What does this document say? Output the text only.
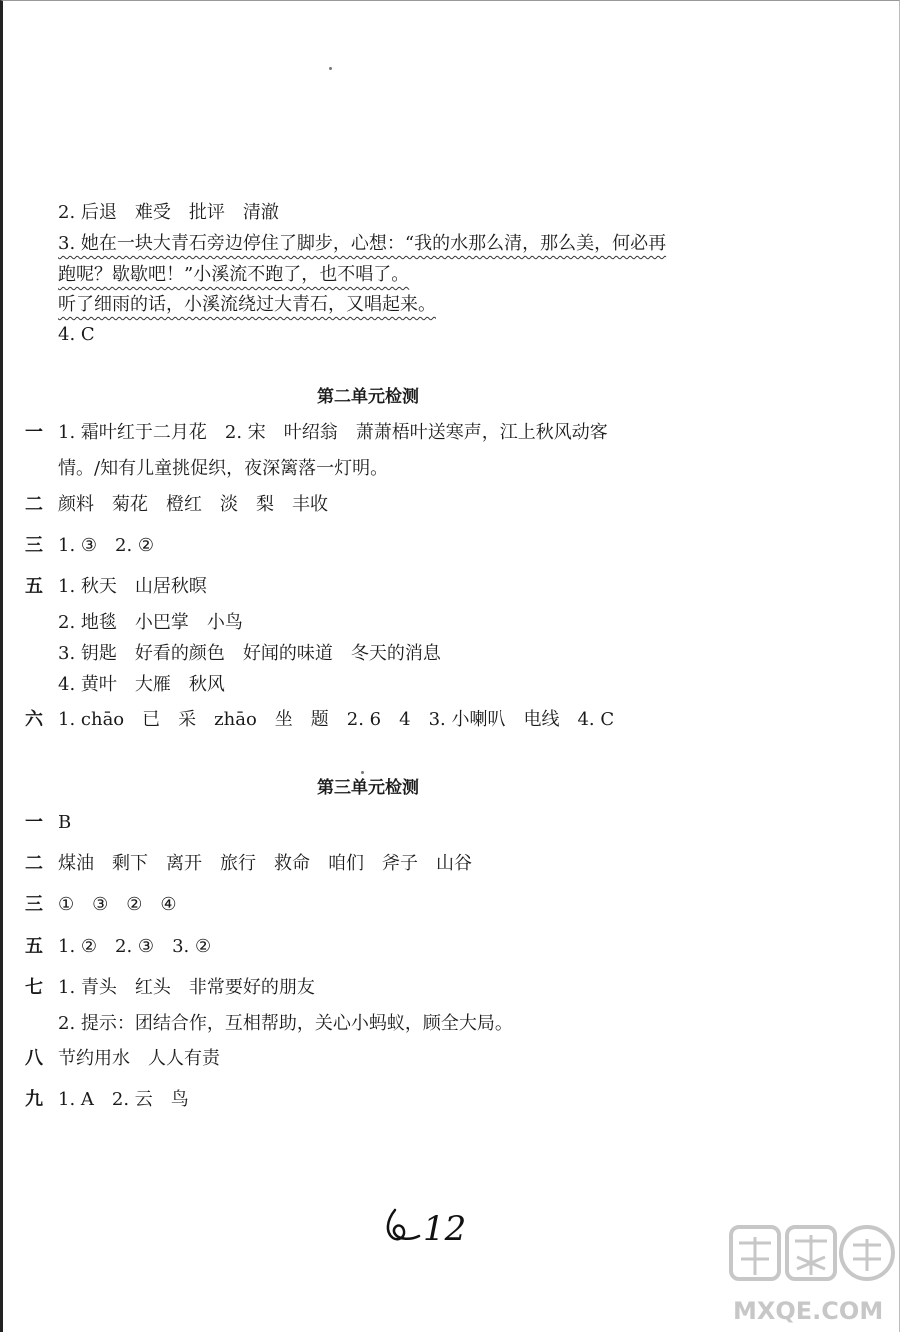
2. 后退　难受　批评　清澈
3. 她在一块大青石旁边停住了脚步，心想：“我的水那么清，那么美，何必再
跑呢？歇歇吧！”小溪流不跑了，也不唱了。
听了细雨的话，小溪流绕过大青石，又唱起来。
4. C
第二单元检测
一 1. 霜叶红于二月花　2. 宋　叶绍翁　萧萧梧叶送寒声，江上秋风动客
情。/知有儿童挑促织，夜深篱落一灯明。
二 颜料　菊花　橙红　淡　梨　丰收
三 1. ③　2. ②
五 1. 秋天　山居秋暝
2. 地毯　小巴掌　小鸟
3. 钥匙　好看的颜色　好闻的味道　冬天的消息
4. 黄叶　大雁　秋风
六 1. chāo　已　采　zhāo　坐　题　2. 6　4　3. 小喇叭　电线　4. C
第三单元检测
一 B
二 煤油　剩下　离开　旅行　救命　咱们　斧子　山谷
三 ①　③　②　④
五 1. ②　2. ③　3. ②
七 1. 青头　红头　非常要好的朋友
2. 提示：团结合作，互相帮助，关心小蚂蚁，顾全大局。
八 节约用水　人人有责
九 1. A　2. 云　鸟
12
MXQE.COM
